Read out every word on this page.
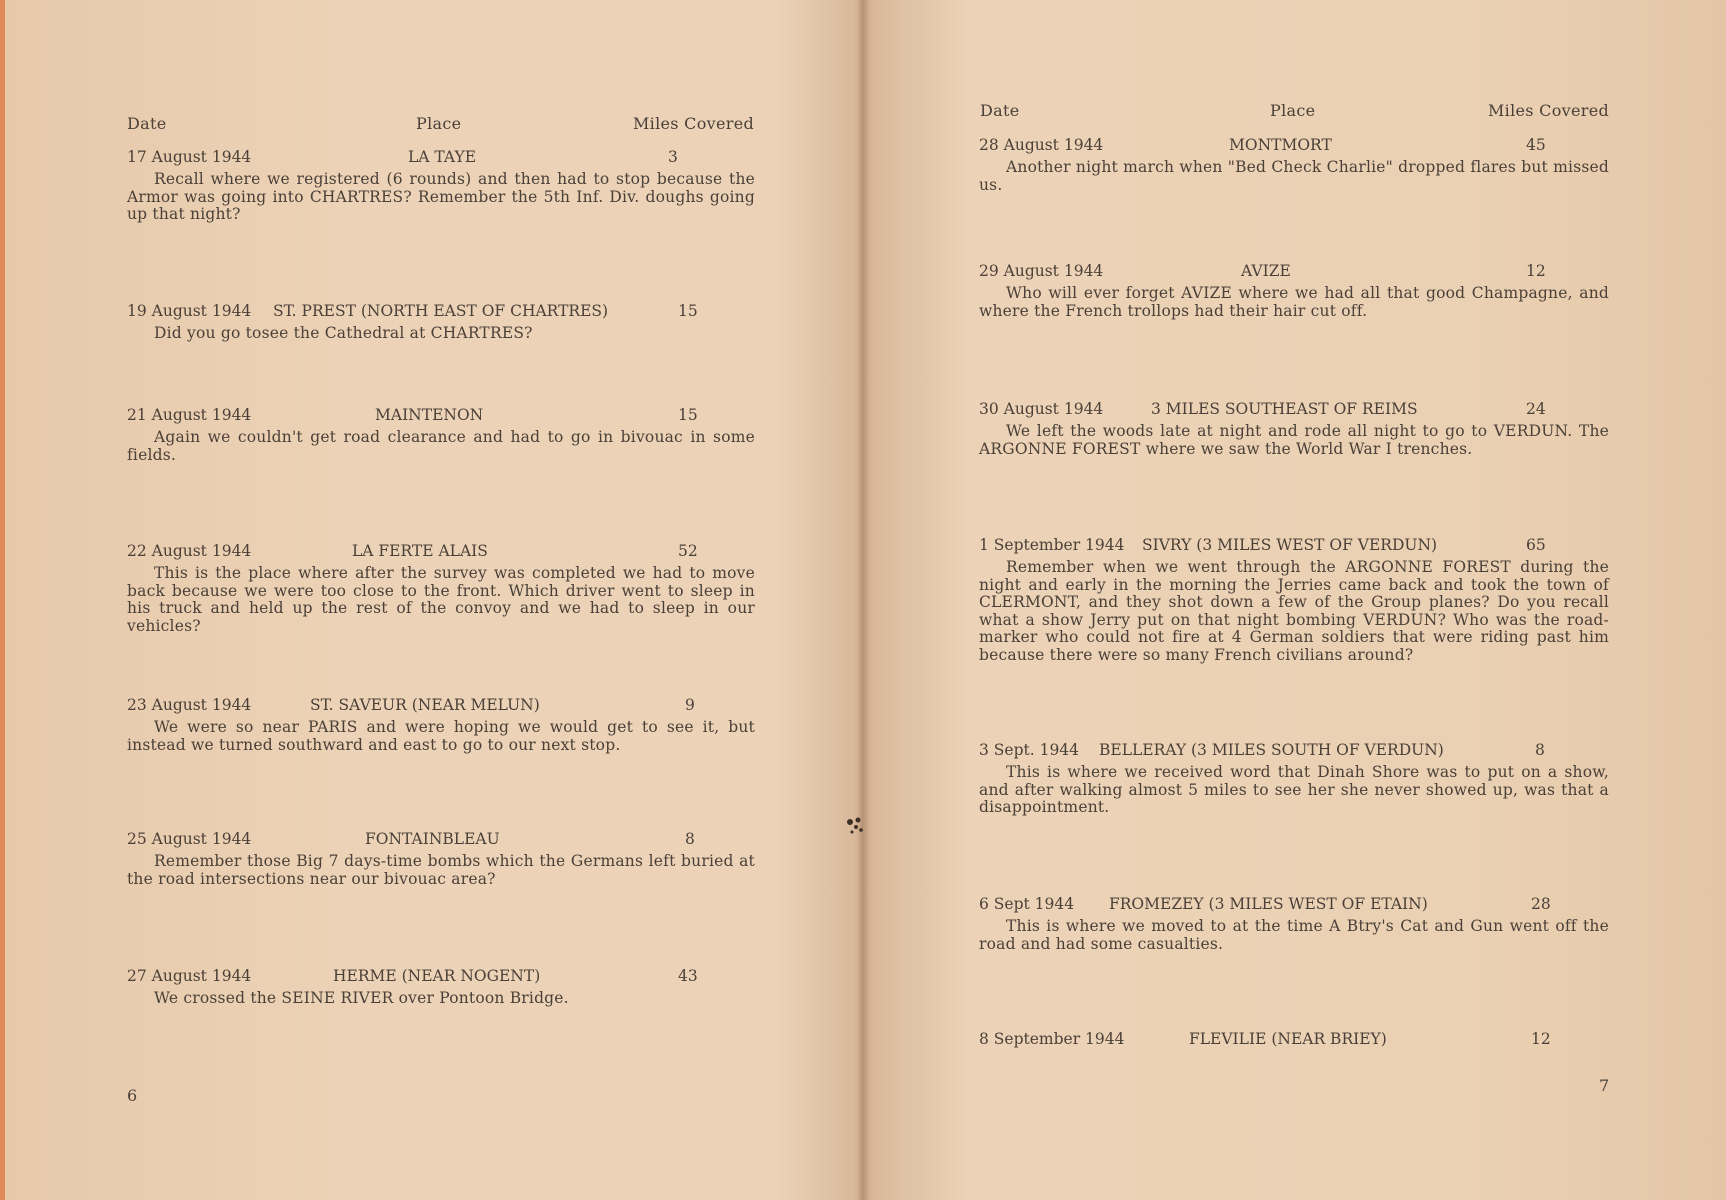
Date	Place	Miles Covered
17 August 1944	LA TAYE	3
Recall where we registered (6 rounds) and then had to stop because the Armor was going into CHARTRES? Remember the 5th Inf. Div. doughs going up that night?
19 August 1944 ST. PREST (NORTH EAST OF CHARTRES)	15
Did you go tosee the Cathedral at CHARTRES?
21 August 1944	MAINTENON	15
Again we couldn't get road clearance and had to go in bivouac in some fields.
22 August 1944	LA FERTE ALAIS	52
This is the place where after the survey was completed we had to move back because we were too close to the front. Which driver went to sleep in his truck and held up the rest of the convoy and we had to sleep in our vehicles?
23 August 1944	ST. SAVEUR (NEAR MELUN)	9
We were so near PARIS and were hoping we would get to see it, but instead we turned southward and east to go to our next stop.
25 August 1944	FONTAINBLEAU	8
Remember those Big 7 days-time bombs which the Germans left buried at the road intersections near our bivouac area?
27 August 1944	HERME (NEAR NOGENT)	43
We crossed the SEINE RIVER over Pontoon Bridge.
6
Date	Place	Miles Covered
28 August 1944	MONTMORT	45
Another night march when "Bed Check Charlie" dropped flares but missed us.
29 August 1944	AVIZE	12
Who will ever forget AVIZE where we had all that good Champagne, and where the French trollops had their hair cut off.
30 August 1944	3 MILES SOUTHEAST OF REIMS	24
We left the woods late at night and rode all night to go to VERDUN. The ARGONNE FOREST where we saw the World War I trenches.
1 September 1944 SIVRY (3 MILES WEST OF VERDUN)	65
Remember when we went through the ARGONNE FOREST during the night and early in the morning the Jerries came back and took the town of CLERMONT, and they shot down a few of the Group planes? Do you recall what a show Jerry put on that night bombing VERDUN? Who was the road-marker who could not fire at 4 German soldiers that were riding past him because there were so many French civilians around?
3 Sept. 1944 BELLERAY (3 MILES SOUTH OF VERDUN)	8
This is where we received word that Dinah Shore was to put on a show, and after walking almost 5 miles to see her she never showed up, was that a disappointment.
6 Sept 1944 FROMEZEY (3 MILES WEST OF ETAIN)	28
This is where we moved to at the time A Btry's Cat and Gun went off the road and had some casualties.
8 September 1944	FLEVILIE (NEAR BRIEY)	12
7
